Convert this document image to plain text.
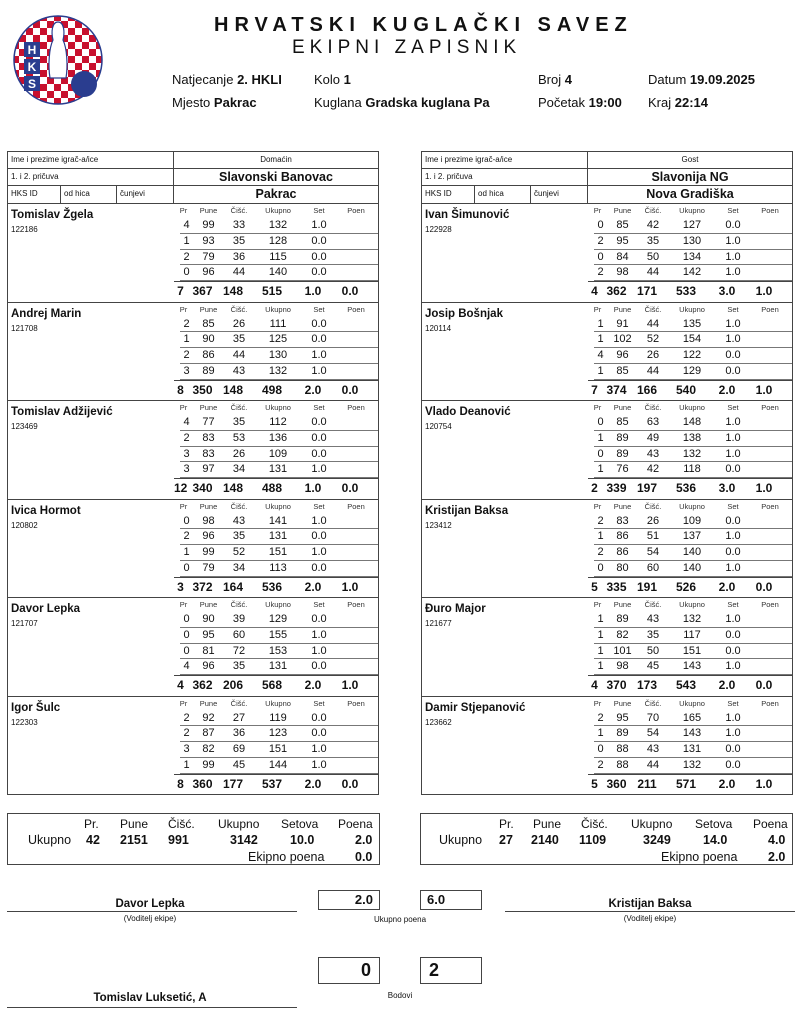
H
K
S
HRVATSKI KUGLAČKI SAVEZ
EKIPNI ZAPISNIK
Natjecanje 2. HKLI Kolo 1	Broj 4	Datum 19.09.2025
Mjesto Pakrac	Kuglana Gradska kuglana Pa	Početak 19:00 Kraj 22:14
Ime i prezime igrač-a/ice	Domaćin
1. i 2. pričuva	Slavonski Banovac
HKS ID	od hica	čunjevi	Pakrac
Tomislav Žgela
122186
Pr	Pune	Čišć.	Ukupno	Set	Poen
4	99	33	132	1.0
1	93	35	128	0.0
2	79	36	115	0.0
0	96	44	140	0.0
7 367 148	515	1.0	0.0
Andrej Marin
121708
Pr	Pune	Čišć.	Ukupno	Set	Poen
2	85	26	111	0.0
1	90	35	125	0.0
2	86	44	130	1.0
3	89	43	132	1.0
8 350 148	498	2.0	0.0
Tomislav Adžijević
123469
Pr	Pune	Čišć.	Ukupno	Set	Poen
4	77	35	112	0.0
2	83	53	136	0.0
3	83	26	109	0.0
3	97	34	131	1.0
12 340 148	488	1.0	0.0
Ivica Hormot
120802
Pr	Pune	Čišć.	Ukupno	Set	Poen
0	98	43	141	1.0
2	96	35	131	0.0
1	99	52	151	1.0
0	79	34	113	0.0
3 372 164	536	2.0	1.0
Davor Lepka
121707
Pr	Pune	Čišć.	Ukupno	Set	Poen
0	90	39	129	0.0
0	95	60	155	1.0
0	81	72	153	1.0
4	96	35	131	0.0
4 362 206	568	2.0	1.0
Igor Šulc
122303
Pr	Pune	Čišć.	Ukupno	Set	Poen
2	92	27	119	0.0
2	87	36	123	0.0
3	82	69	151	1.0
1	99	45	144	1.0
8 360 177	537	2.0	0.0
Ime i prezime igrač-a/ice	Gost
1. i 2. pričuva	Slavonija NG
HKS ID	od hica	čunjevi	Nova Gradiška
Ivan Šimunović
122928
Pr	Pune	Čišć.	Ukupno	Set	Poen
0	85	42	127	0.0
2	95	35	130	1.0
0	84	50	134	1.0
2	98	44	142	1.0
4 362 171	533	3.0	1.0
Josip Bošnjak
120114
Pr	Pune	Čišć.	Ukupno	Set	Poen
1	91	44	135	1.0
1 102	52	154	1.0
4	96	26	122	0.0
1	85	44	129	0.0
7 374 166	540	2.0	1.0
Vlado Deanović
120754
Pr	Pune	Čišć.	Ukupno	Set	Poen
0	85	63	148	1.0
1	89	49	138	1.0
0	89	43	132	1.0
1	76	42	118	0.0
2 339 197	536	3.0	1.0
Kristijan Baksa
123412
Pr	Pune	Čišć.	Ukupno	Set	Poen
2	83	26	109	0.0
1	86	51	137	1.0
2	86	54	140	0.0
0	80	60	140	1.0
5 335 191	526	2.0	0.0
Đuro Major
121677
Pr	Pune	Čišć.	Ukupno	Set	Poen
1	89	43	132	1.0
1	82	35	117	0.0
1 101	50	151	0.0
1	98	45	143	1.0
4 370 173	543	2.0	0.0
Damir Stjepanović
123662
Pr	Pune	Čišć.	Ukupno	Set	Poen
2	95	70	165	1.0
1	89	54	143	1.0
0	88	43	131	0.0
2	88	44	132	0.0
5 360 211	571	2.0	1.0
Pr. Pune Čišć. Ukupno Setova Poena
Ukupno 42 2151 991	3142	10.0	2.0
Ekipno poena 0.0
Pr. Pune Čišć. Ukupno Setova Poena
Ukupno 27 2140 1109	3249	14.0	4.0
Ekipno poena 2.0
Davor Lepka
(Voditelj ekipe)
Kristijan Baksa
(Voditelj ekipe)
2.0	6.0
Ukupno poena
0	2
Bodovi
Tomislav Luksetić, A
